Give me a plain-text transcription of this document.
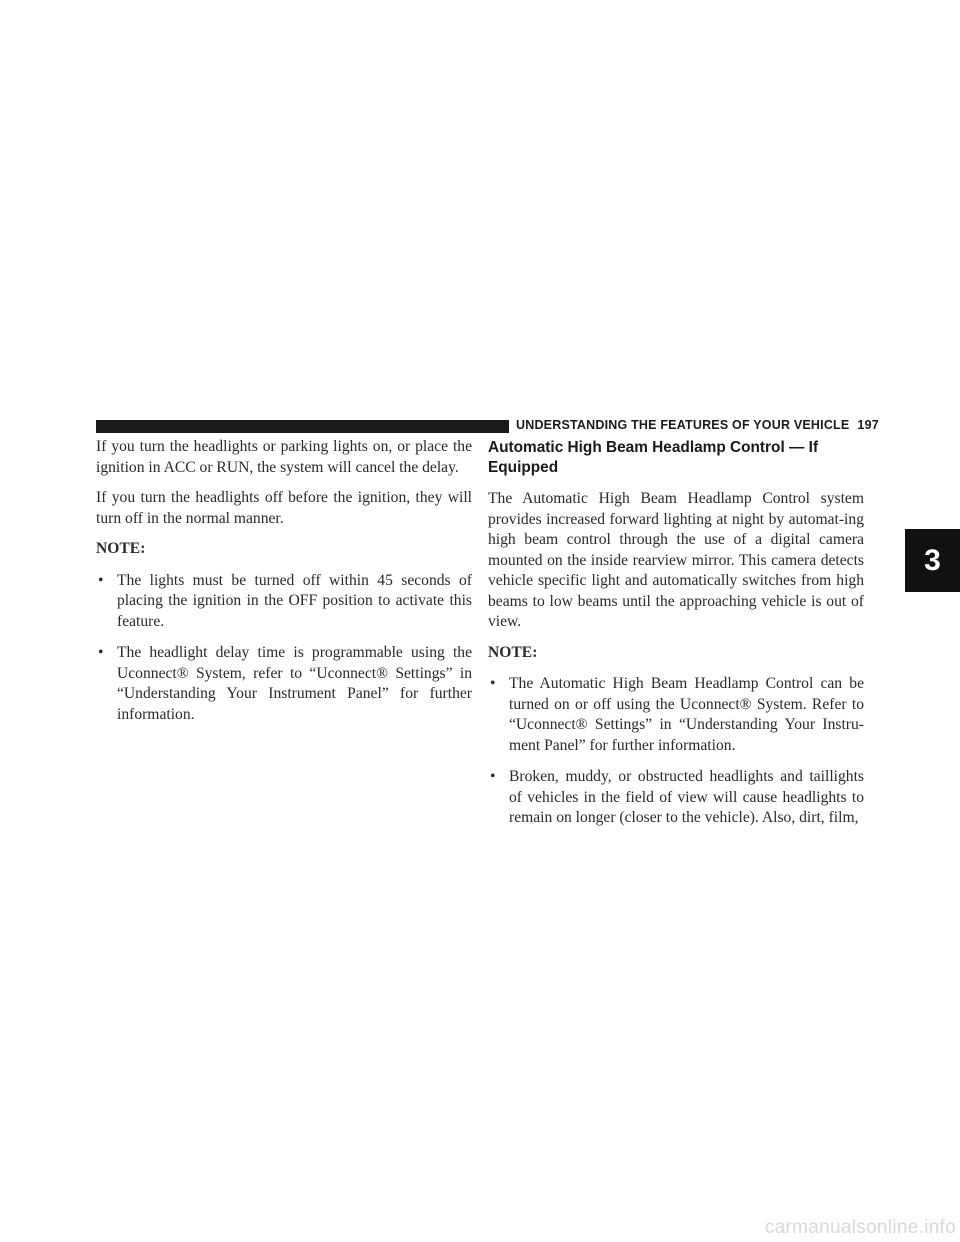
UNDERSTANDING THE FEATURES OF YOUR VEHICLE 197
3

If you turn the headlights or parking lights on, or place the ignition in ACC or RUN, the system will cancel the delay.

If you turn the headlights off before the ignition, they will turn off in the normal manner.

NOTE:

• The lights must be turned off within 45 seconds of placing the ignition in the OFF position to activate this feature.
• The headlight delay time is programmable using the Uconnect® System, refer to “Uconnect® Settings” in “Understanding Your Instrument Panel” for further information.
Automatic High Beam Headlamp Control — If Equipped

The Automatic High Beam Headlamp Control system provides increased forward lighting at night by automat-ing high beam control through the use of a digital camera mounted on the inside rearview mirror. This camera detects vehicle specific light and automatically switches from high beams to low beams until the approaching vehicle is out of view.

NOTE:

• The Automatic High Beam Headlamp Control can be turned on or off using the Uconnect® System. Refer to “Uconnect® Settings” in “Understanding Your Instru-ment Panel” for further information.
• Broken, muddy, or obstructed headlights and taillights of vehicles in the field of view will cause headlights to remain on longer (closer to the vehicle). Also, dirt, film,
carmanualsonline.info
